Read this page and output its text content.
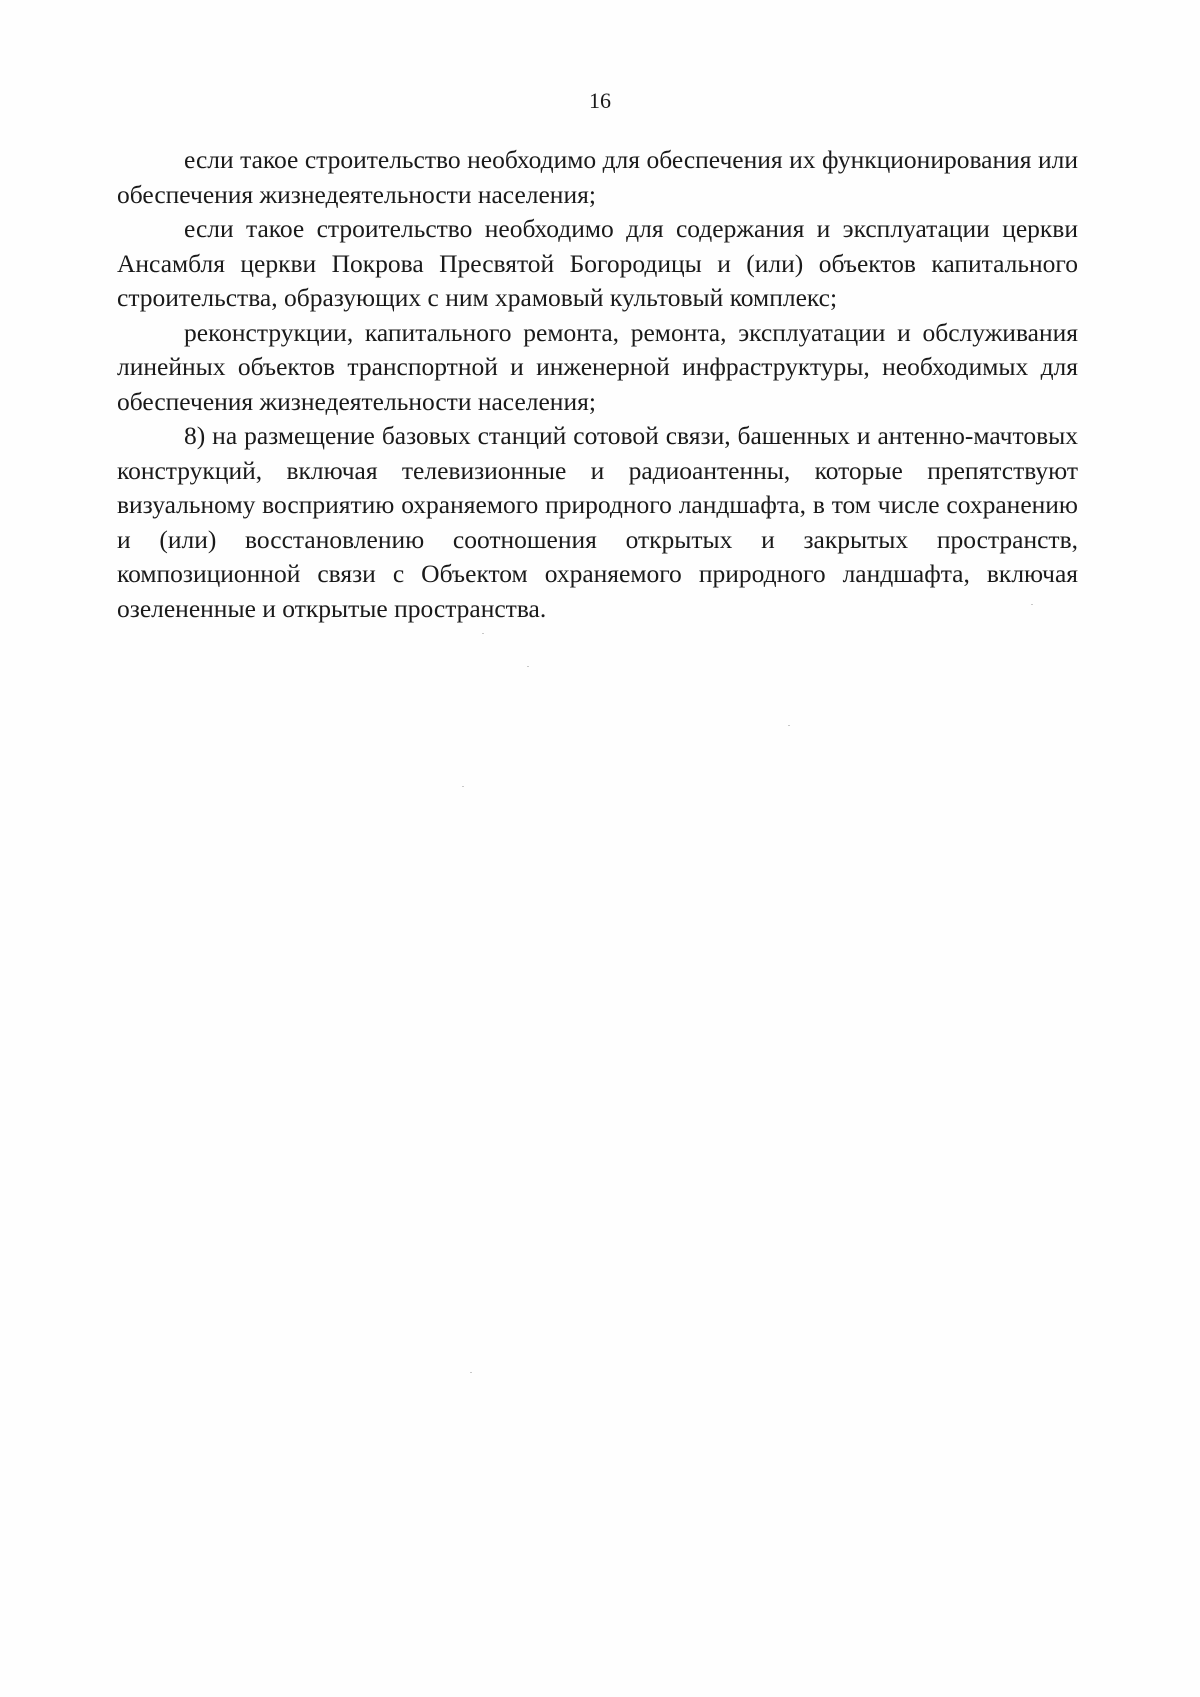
16

если такое строительство необходимо для обеспечения их функционирования или обеспечения жизнедеятельности населения;

если такое строительство необходимо для содержания и эксплуатации церкви Ансамбля церкви Покрова Пресвятой Богородицы и (или) объектов капитального строительства, образующих с ним храмовый культовый комплекс;

реконструкции, капитального ремонта, ремонта, эксплуатации и обслуживания линейных объектов транспортной и инженерной инфраструктуры, необходимых для обеспечения жизнедеятельности населения;

8) на размещение базовых станций сотовой связи, башенных и антенно-мачтовых конструкций, включая телевизионные и радиоантенны, которые препятствуют визуальному восприятию охраняемого природного ландшафта, в том числе сохранению и (или) восстановлению соотношения открытых и закрытых пространств, композиционной связи с Объектом охраняемого природного ландшафта, включая озелененные и открытые пространства.
